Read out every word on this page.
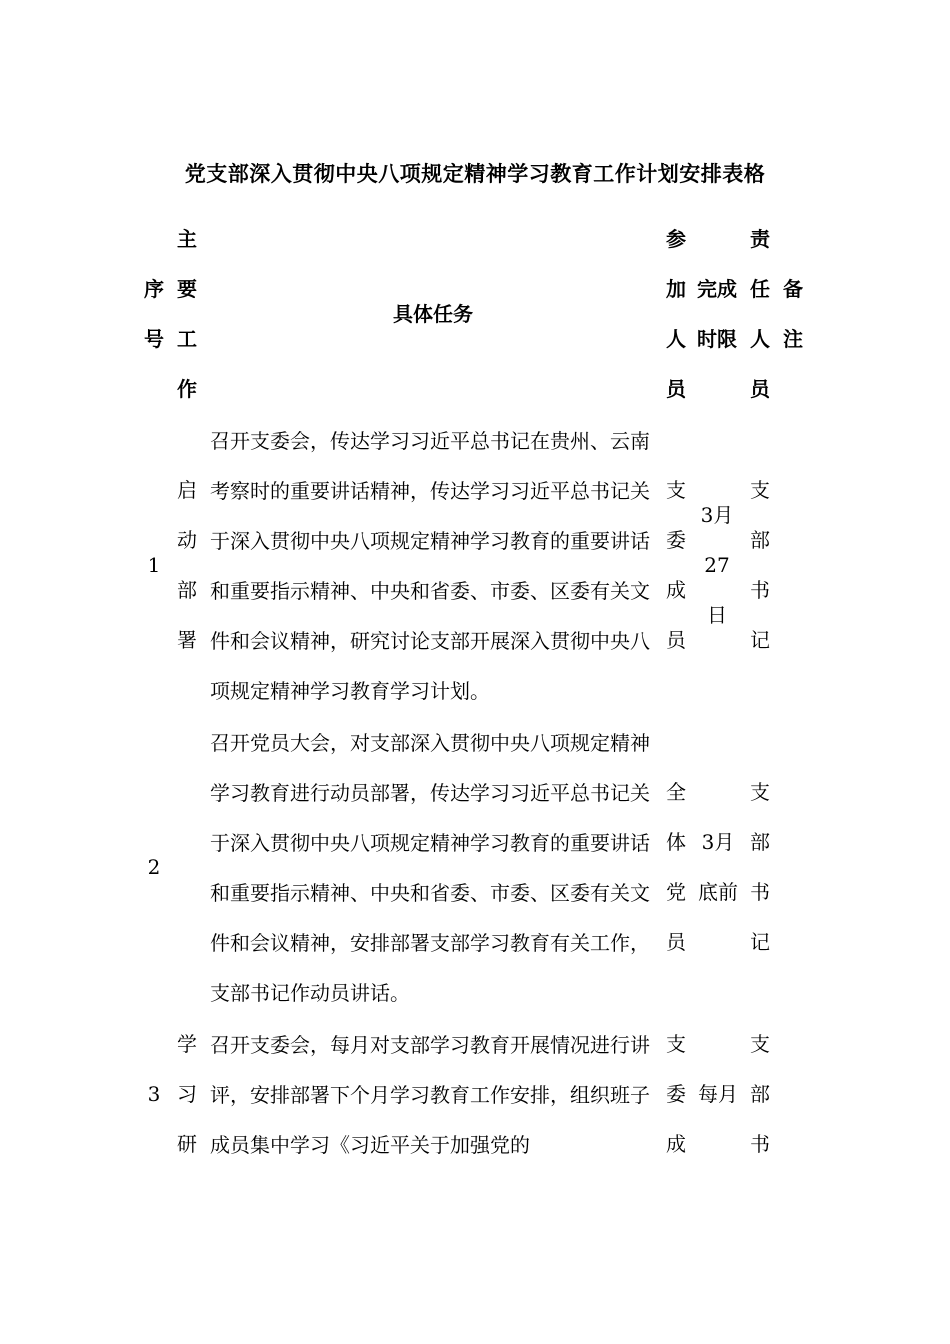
党支部深入贯彻中央八项规定精神学习教育工作计划安排表格
序号	主要工作	具体任务	参加人员	完成时限	责任人员	备注
1	启动部署	召开支委会，传达学习习近平总书记在贵州、云南考察时的重要讲话精神，传达学习习近平总书记关于深入贯彻中央八项规定精神学习教育的重要讲话和重要指示精神、中央和省委、市委、区委有关文件和会议精神，研究讨论支部开展深入贯彻中央八项规定精神学习教育学习计划。	支委成员	3月27日	支部书记	
2		召开党员大会，对支部深入贯彻中央八项规定精神学习教育进行动员部署，传达学习习近平总书记关于深入贯彻中央八项规定精神学习教育的重要讲话和重要指示精神、中央和省委、市委、区委有关文件和会议精神，安排部署支部学习教育有关工作，支部书记作动员讲话。	全体党员	3月底前	支部书记	
3	学习研	召开支委会，每月对支部学习教育开展情况进行讲评，安排部署下个月学习教育工作安排，组织班子成员集中学习《习近平关于加强党的	支委成	每月	支部书	
